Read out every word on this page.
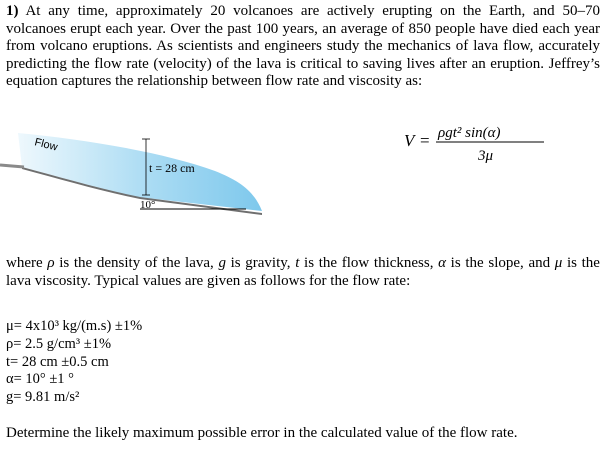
1) At any time, approximately 20 volcanoes are actively erupting on the Earth, and 50–70 volcanoes erupt each year. Over the past 100 years, an average of 850 people have died each year from volcano eruptions. As scientists and engineers study the mechanics of lava flow, accurately predicting the flow rate (velocity) of the lava is critical to saving lives after an eruption. Jeffrey’s equation captures the relationship between flow rate and viscosity as:
Flow
t = 28 cm
10°
V = ρgt² sin(α)
3μ
where ρ is the density of the lava, g is gravity, t is the flow thickness, α is the slope, and μ is the lava viscosity. Typical values are given as follows for the flow rate:
μ= 4x10³ kg/(m.s) ±1%
ρ= 2.5 g/cm³ ±1%
t= 28 cm ±0.5 cm
α= 10° ±1 °
g= 9.81 m/s²
Determine the likely maximum possible error in the calculated value of the flow rate.
